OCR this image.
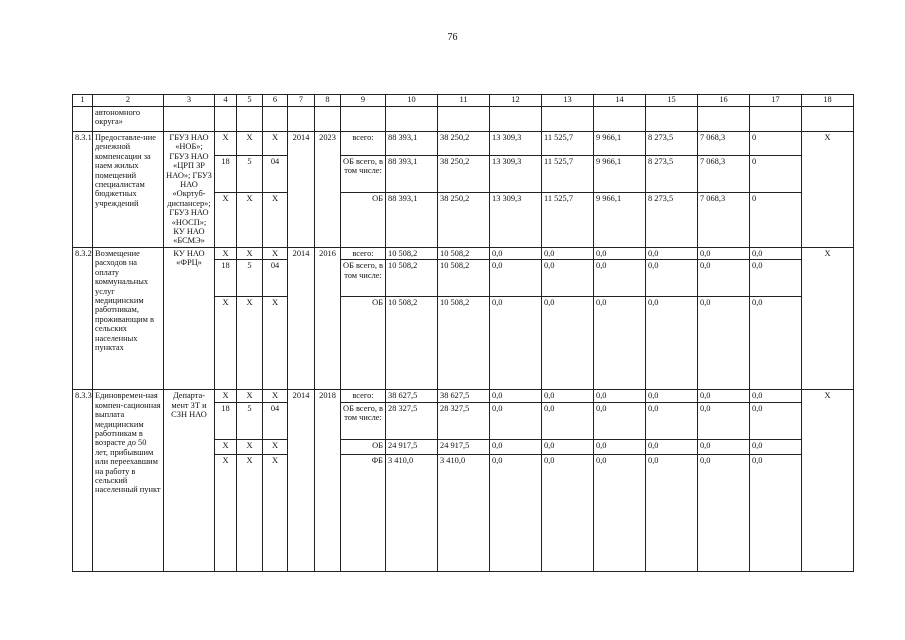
76
1	2	3	4	5	6	7	8	9	10	11	12	13	14	15	16	17	18
	автономного округа»																
8.3.1	Предоставле-ние денежной компенсации за наем жилых помещений специалистам бюджетных учреждений	ГБУЗ НАО «НОБ»; ГБУЗ НАО «ЦРП ЗР НАО»; ГБУЗ НАО «Окртуб-диспансер»; ГБУЗ НАО «НОСП»; КУ НАО «БСМЭ»	Х	Х	Х	2014	2023	всего:	88 393,1	38 250,2	13 309,3	11 525,7	9 966,1	8 273,5	7 068,3	0	Х
			18	5	04			ОБ всего, в том числе:	88 393,1	38 250,2	13 309,3	11 525,7	9 966,1	8 273,5	7 068,3	0	
			Х	Х	Х			ОБ	88 393,1	38 250,2	13 309,3	11 525,7	9 966,1	8 273,5	7 068,3	0	
8.3.2	Возмещение расходов на оплату коммунальных услуг медицинским работникам, проживающим в сельских населенных пунктах	КУ НАО «ФРЦ»	Х	Х	Х	2014	2016	всего:	10 508,2	10 508,2	0,0	0,0	0,0	0,0	0,0	0,0	Х
			18	5	04			ОБ всего, в том числе:	10 508,2	10 508,2	0,0	0,0	0,0	0,0	0,0	0,0	
			Х	Х	Х			ОБ	10 508,2	10 508,2	0,0	0,0	0,0	0,0	0,0	0,0	
8.3.3	Единовремен-ная компен-сационная выплата медицинским работникам в возрасте до 50 лет, прибывшим или переехавшим на работу в сельский населенный пункт	Департа-мент ЗТ и СЗН НАО	Х	Х	Х	2014	2018	всего:	38 627,5	38 627,5	0,0	0,0	0,0	0,0	0,0	0,0	Х
			18	5	04			ОБ всего, в том числе:	28 327,5	28 327,5	0,0	0,0	0,0	0,0	0,0	0,0	
			Х	Х	Х			ОБ	24 917,5	24 917,5	0,0	0,0	0,0	0,0	0,0	0,0	
			Х	Х	Х			ФБ	3 410,0	3 410,0	0,0	0,0	0,0	0,0	0,0	0,0	
